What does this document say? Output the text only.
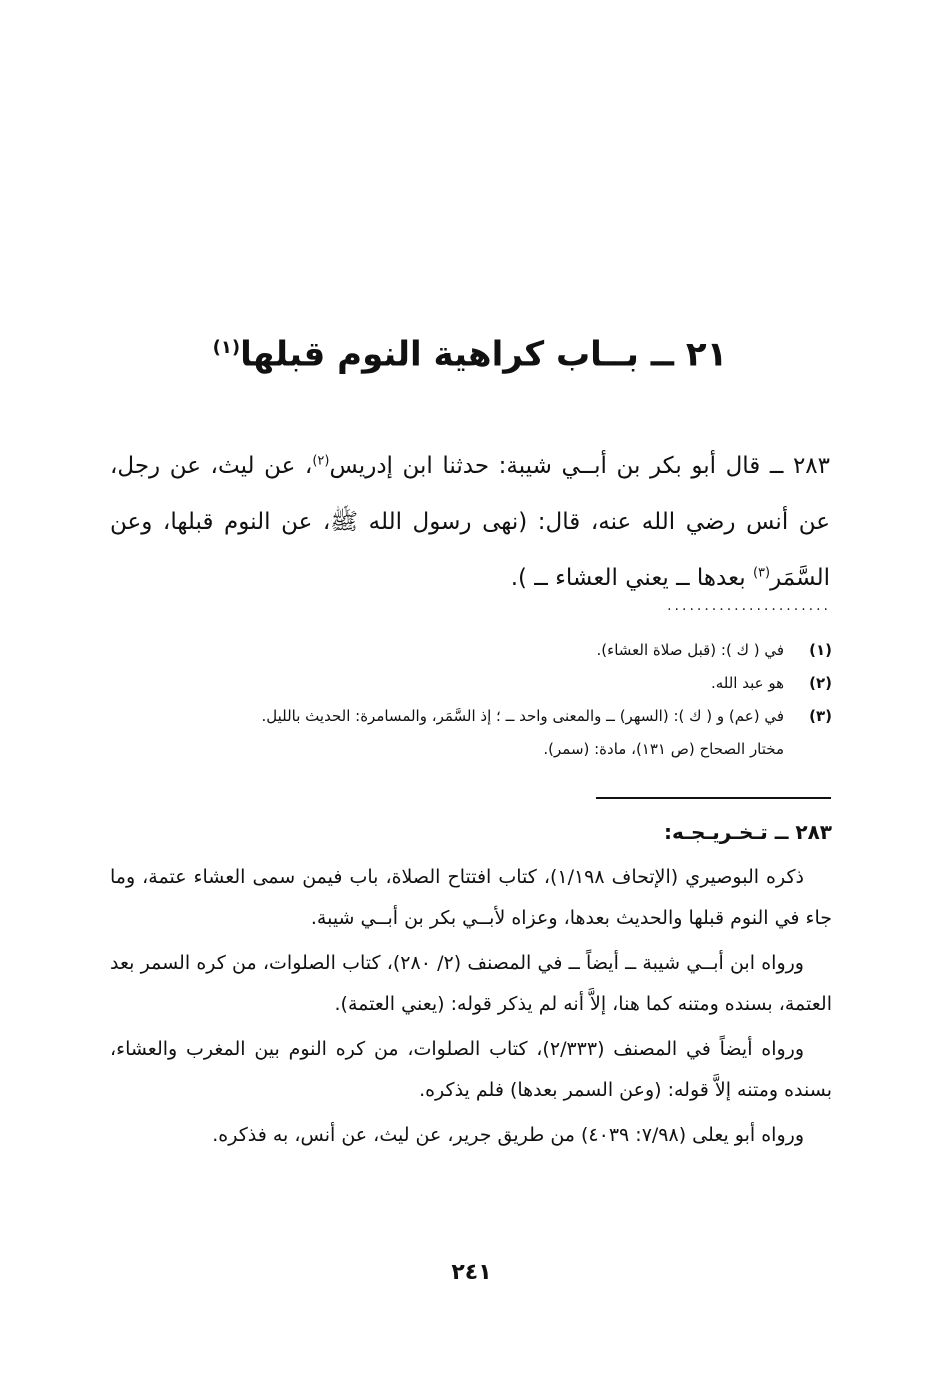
٢١ ــ بــاب كراهية النوم قبلها$^{(١)}$

٢٨٣ ــ قال أبو بكر بن أبــي شيبة: حدثنا ابن إدريس$^{(٢)}$، عن ليث، عن رجل، عن أنس رضي الله عنه، قال: (نهى رسول الله ﷺ، عن النوم قبلها، وعن السَّمَر$^{(٣)}$ بعدها ــ يعني العشاء ــ ).

......................
(١)
في ( ك ): (قبل صلاة العشاء).
(٢)
هو عبد الله.
(٣)
في (عم) و ( ك ): (السهر) ــ والمعنى واحد ــ ؛ إذ السَّمَر، والمسامرة: الحديث بالليل.
مختار الصحاح (ص ١٣١)، مادة: (سمر).
٢٨٣ ــ تـخـريـجـه:

ذكره البوصيري (الإتحاف ١/١٩٨)، كتاب افتتاح الصلاة، باب فيمن سمى العشاء عتمة، وما جاء في النوم قبلها والحديث بعدها، وعزاه لأبــي بكر بن أبــي شيبة.

ورواه ابن أبــي شيبة ــ أيضاً ــ في المصنف (٢/ ٢٨٠)، كتاب الصلوات، من كره السمر بعد العتمة، بسنده ومتنه كما هنا، إلاَّ أنه لم يذكر قوله: (يعني العتمة).

ورواه أيضاً في المصنف (٢/٣٣٣)، كتاب الصلوات، من كره النوم بين المغرب والعشاء، بسنده ومتنه إلاَّ قوله: (وعن السمر بعدها) فلم يذكره.

ورواه أبو يعلى (٧/٩٨: ٤٠٣٩) من طريق جرير، عن ليث، عن أنس، به فذكره.

٢٤١
